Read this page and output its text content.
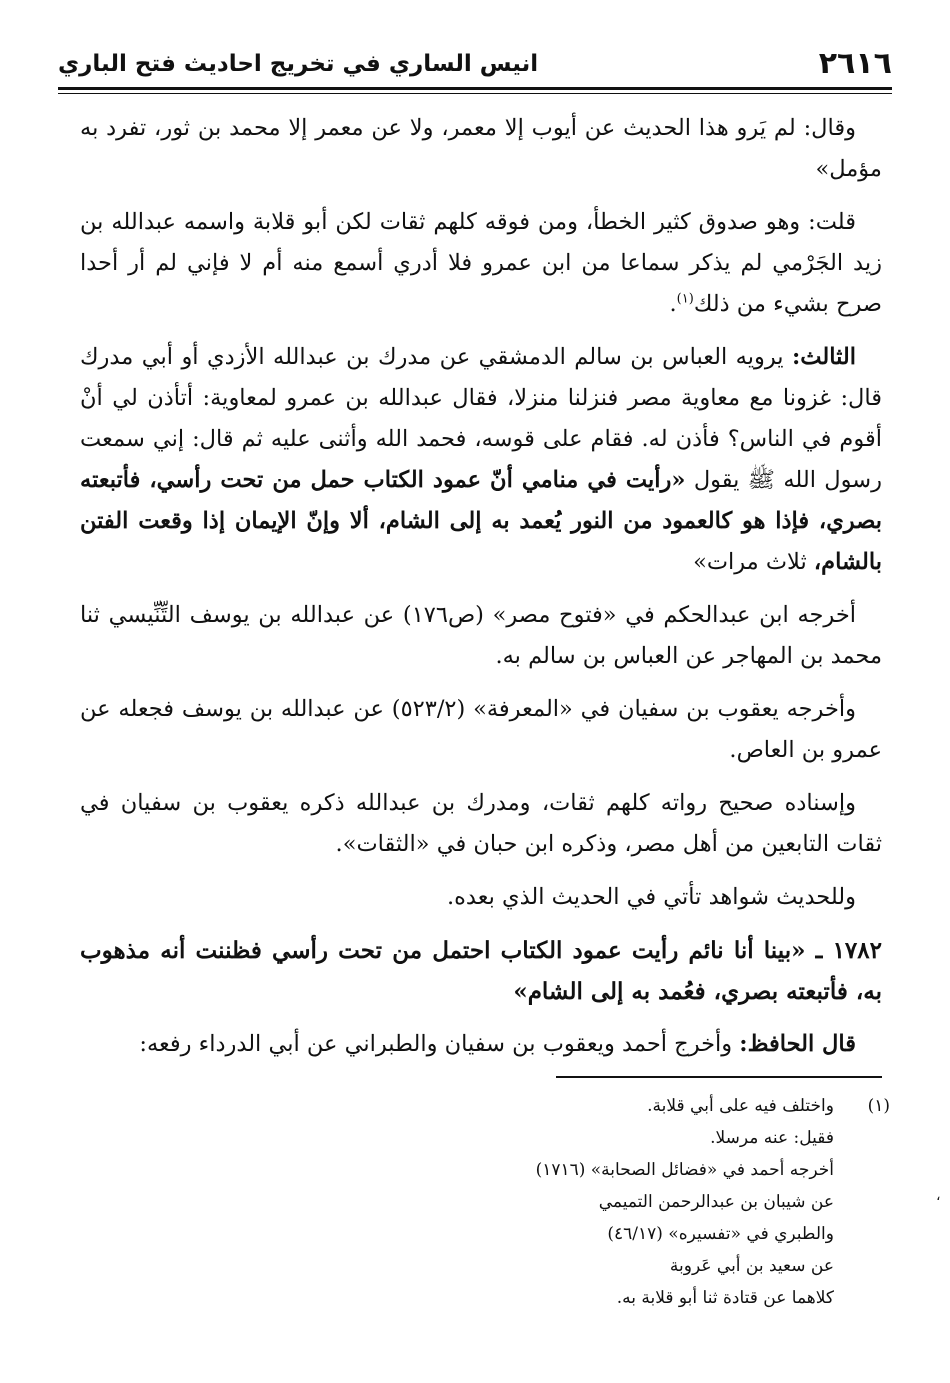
٢٦١٦
انيس الساري في تخريج احاديث فتح الباري

وقال: لم يَرو هذا الحديث عن أيوب إلا معمر، ولا عن معمر إلا محمد بن ثور، تفرد به مؤمل»

قلت: وهو صدوق كثير الخطأ، ومن فوقه كلهم ثقات لكن أبو قلابة واسمه عبدالله بن زيد الجَرْمي لم يذكر سماعا من ابن عمرو فلا أدري أسمع منه أم لا فإني لم أر أحدا صرح بشيء من ذلك$^{(١)}$.

الثالث: يرويه العباس بن سالم الدمشقي عن مدرك بن عبدالله الأزدي أو أبي مدرك قال: غزونا مع معاوية مصر فنزلنا منزلا، فقال عبدالله بن عمرو لمعاوية: أتأذن لي أنْ أقوم في الناس؟ فأذن له. فقام على قوسه، فحمد الله وأثنى عليه ثم قال: إني سمعت رسول الله ﷺ يقول «رأيت في منامي أنّ عمود الكتاب حمل من تحت رأسي، فأتبعته بصري، فإذا هو كالعمود من النور يُعمد به إلى الشام، ألا وإنّ الإيمان إذا وقعت الفتن بالشام، ثلاث مرات»

أخرجه ابن عبدالحكم في «فتوح مصر» (ص١٧٦) عن عبدالله بن يوسف التِّنِّيسي ثنا محمد بن المهاجر عن العباس بن سالم به.

وأخرجه يعقوب بن سفيان في «المعرفة» (٥٢٣/٢) عن عبدالله بن يوسف فجعله عن عمرو بن العاص.

وإسناده صحيح رواته كلهم ثقات، ومدرك بن عبدالله ذكره يعقوب بن سفيان في ثقات التابعين من أهل مصر، وذكره ابن حبان في «الثقات».

وللحديث شواهد تأتي في الحديث الذي بعده.

١٧٨٢ ـ «بينا أنا نائم رأيت عمود الكتاب احتمل من تحت رأسي فظننت أنه مذهوب به، فأتبعته بصري، فعُمد به إلى الشام»

قال الحافظ: وأخرج أحمد ويعقوب بن سفيان والطبراني عن أبي الدرداء رفعه:

(١)
واختلف فيه على أبي قلابة.
فقيل: عنه مرسلا.
أخرجه أحمد في «فضائل الصحابة» (١٧١٦)
عن شيبان بن عبدالرحمن التميمي
والطبري في «تفسيره» (٤٦/١٧)
عن سعيد بن أبي عَروبة
كلاهما عن قتادة ثنا أبو قلابة به.
،
